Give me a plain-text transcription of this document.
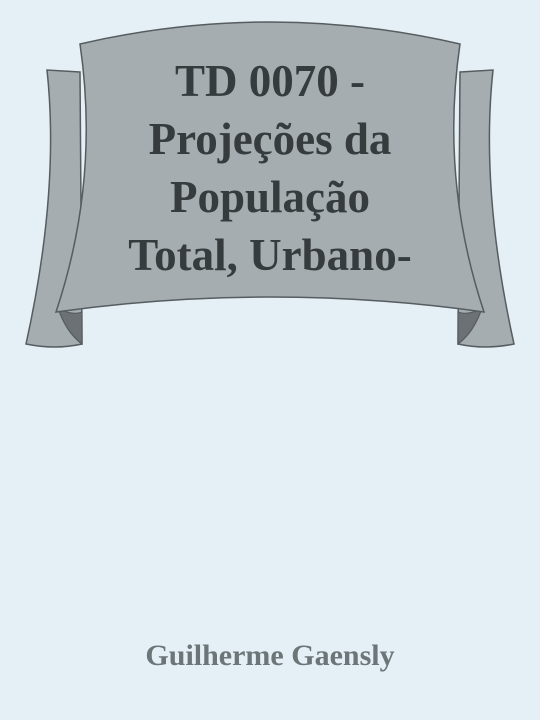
TD 0070 -
Projeções da
População
Total, Urbano-
Guilherme Gaensly
